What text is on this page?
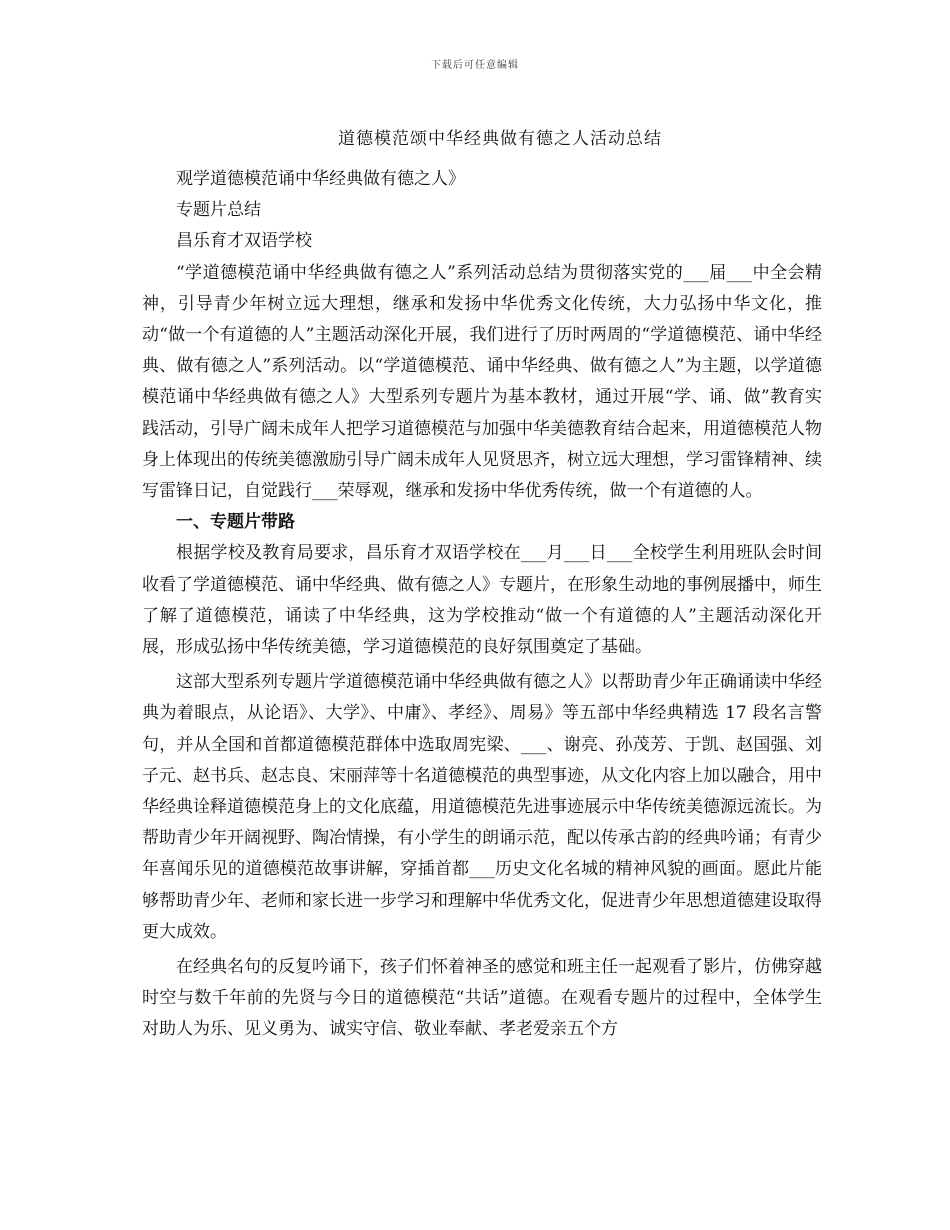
下载后可任意编辑
道德模范颂中华经典做有德之人活动总结

观学道德模范诵中华经典做有德之人》

专题片总结

昌乐育才双语学校

“学道德模范诵中华经典做有德之人”系列活动总结为贯彻落实党的___届___中全会精神，引导青少年树立远大理想，继承和发扬中华优秀文化传统，大力弘扬中华文化，推动“做一个有道德的人”主题活动深化开展，我们进行了历时两周的“学道德模范、诵中华经典、做有德之人”系列活动。以“学道德模范、诵中华经典、做有德之人”为主题，以学道德模范诵中华经典做有德之人》大型系列专题片为基本教材，通过开展“学、诵、做”教育实践活动，引导广阔未成年人把学习道德模范与加强中华美德教育结合起来，用道德模范人物身上体现出的传统美德激励引导广阔未成年人见贤思齐，树立远大理想，学习雷锋精神、续写雷锋日记，自觉践行___荣辱观，继承和发扬中华优秀传统，做一个有道德的人。

一、专题片带路

根据学校及教育局要求，昌乐育才双语学校在___月___日___全校学生利用班队会时间收看了学道德模范、诵中华经典、做有德之人》专题片，在形象生动地的事例展播中，师生了解了道德模范，诵读了中华经典，这为学校推动“做一个有道德的人”主题活动深化开展，形成弘扬中华传统美德，学习道德模范的良好氛围奠定了基础。

这部大型系列专题片学道德模范诵中华经典做有德之人》以帮助青少年正确诵读中华经典为着眼点，从论语》、大学》、中庸》、孝经》、周易》等五部中华经典精选 17 段名言警句，并从全国和首都道德模范群体中选取周宪梁、___、谢亮、孙茂芳、于凯、赵国强、刘子元、赵书兵、赵志良、宋丽萍等十名道德模范的典型事迹，从文化内容上加以融合，用中华经典诠释道德模范身上的文化底蕴，用道德模范先进事迹展示中华传统美德源远流长。为帮助青少年开阔视野、陶冶情操，有小学生的朗诵示范，配以传承古韵的经典吟诵；有青少年喜闻乐见的道德模范故事讲解，穿插首都___历史文化名城的精神风貌的画面。愿此片能够帮助青少年、老师和家长进一步学习和理解中华优秀文化，促进青少年思想道德建设取得更大成效。

在经典名句的反复吟诵下，孩子们怀着神圣的感觉和班主任一起观看了影片，仿佛穿越时空与数千年前的先贤与今日的道德模范“共话”道德。在观看专题片的过程中，全体学生对助人为乐、见义勇为、诚实守信、敬业奉献、孝老爱亲五个方
